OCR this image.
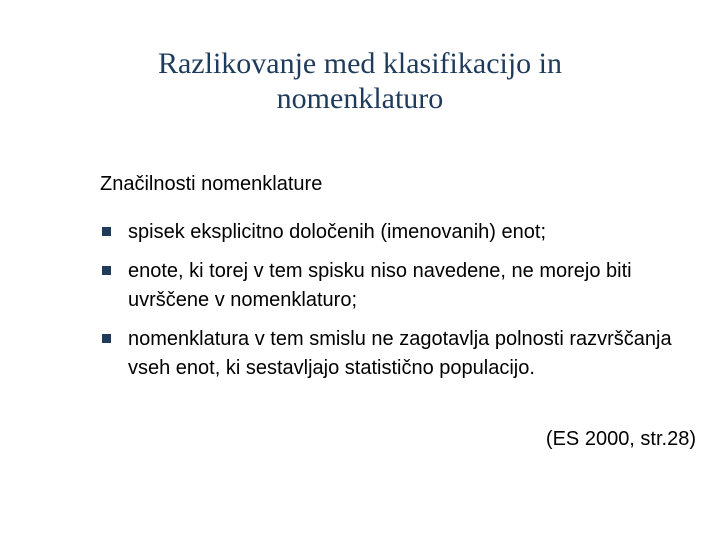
Razlikovanje med klasifikacijo in
nomenklaturo
Značilnosti nomenklature
spisek eksplicitno določenih (imenovanih) enot;
enote, ki torej v tem spisku niso navedene, ne morejo biti uvrščene v nomenklaturo;
nomenklatura v tem smislu ne zagotavlja polnosti razvrščanja vseh enot, ki sestavljajo statistično populacijo.
(ES 2000, str.28)
